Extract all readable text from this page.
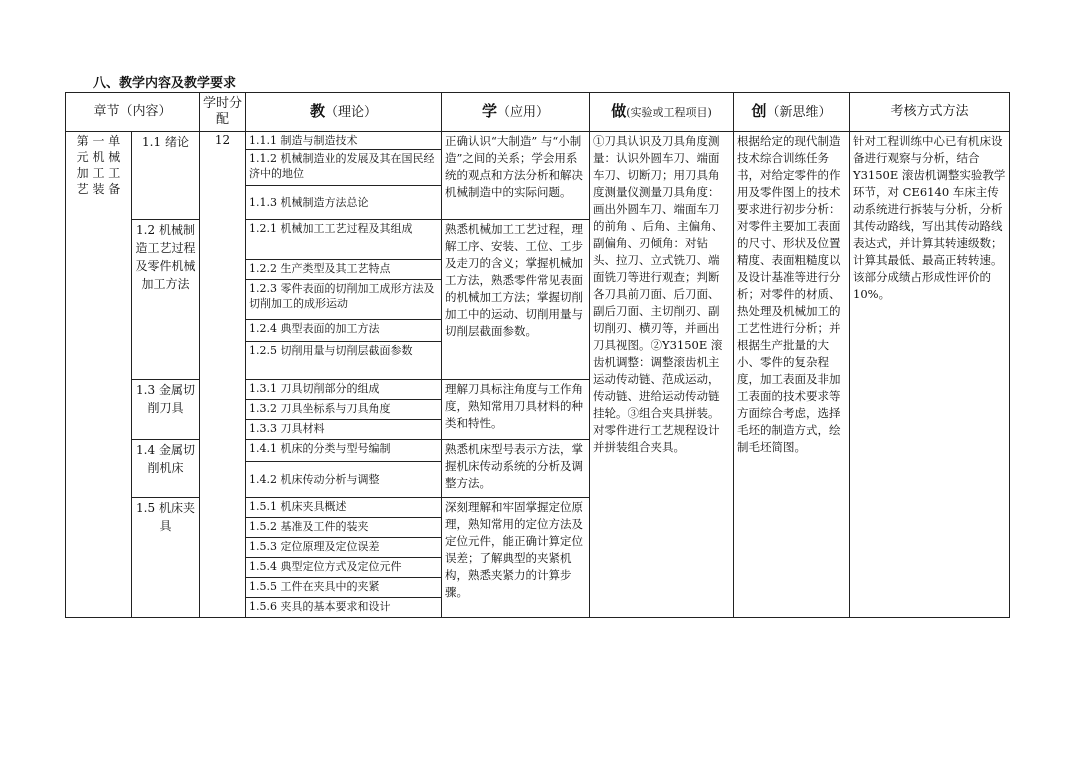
八、教学内容及教学要求
章节（内容）		学时分配	教（理论）	学（应用）	做(实验或工程项目)	创（新思维）	考核方式方法
第 一 单 元 机 械 加 工 工 艺 装 备	1.1 绪论	12	1.1.1 制造与制造技术	正确认识“大制造” 与“小制造”之间的关系；学会用系统的观点和方法分析和解决机械制造中的实际问题。	①刀具认识及刀具角度测量：认识外圆车刀、端面车刀、切断刀；用刀具角度测量仪测量刀具角度：画出外圆车刀、端面车刀的前角 、后角、主偏角、副偏角、刃倾角：对钻头、拉刀、立式铣刀、端面铣刀等进行观查；判断各刀具前刀面、后刀面、副后刀面、主切削刃、副切削刃、横刃等，并画出刀具视图。②Y3150E 滚齿机调整：调整滚齿机主运动传动链、范成运动，传动链、进给运动传动链挂轮。③组合夹具拼装。对零件进行工艺规程设计并拼装组合夹具。	根据给定的现代制造技术综合训练任务书，对给定零件的作用及零件图上的技术要求进行初步分析：对零件主要加工表面的尺寸、形状及位置精度、表面粗糙度以及设计基准等进行分析；对零件的材质、热处理及机械加工的工艺性进行分析；并根据生产批量的大小、零件的复杂程度，加工表面及非加工表面的技术要求等方面综合考虑，选择毛坯的制造方式，绘制毛坯简图。	针对工程训练中心已有机床设备进行观察与分析，结合 Y3150E 滚齿机调整实验教学环节，对 CE6140 车床主传动系统进行拆装与分析，分析其传动路线，写出其传动路线表达式，并计算其转速级数；计算其最低、最高正转转速。该部分成绩占形成性评价的 10%。
			1.1.2 机械制造业的发展及其在国民经济中的地位				
			1.1.3 机械制造方法总论				
	1.2 机械制造工艺过程及零件机械加工方法		1.2.1 机械加工工艺过程及其组成	熟悉机械加工工艺过程，理解工序、安装、工位、工步及走刀的含义；掌握机械加工方法，熟悉零件常见表面的机械加工方法；掌握切削加工中的运动、切削用量与切削层截面参数。			
			1.2.2 生产类型及其工艺特点				
			1.2.3 零件表面的切削加工成形方法及切削加工的成形运动				
			1.2.4 典型表面的加工方法				
			1.2.5 切削用量与切削层截面参数				
	1.3 金属切削刀具		1.3.1 刀具切削部分的组成	理解刀具标注角度与工作角度，熟知常用刀具材料的种类和特性。			
			1.3.2 刀具坐标系与刀具角度				
			1.3.3 刀具材料				
	1.4 金属切削机床		1.4.1 机床的分类与型号编制	熟悉机床型号表示方法，掌握机床传动系统的分析及调整方法。			
			1.4.2 机床传动分析与调整				
	1.5 机床夹具		1.5.1 机床夹具概述	深刻理解和牢固掌握定位原理，熟知常用的定位方法及定位元件，能正确计算定位误差；了解典型的夹紧机构，熟悉夹紧力的计算步骤。			
			1.5.2 基准及工件的装夹				
			1.5.3 定位原理及定位误差				
			1.5.4 典型定位方式及定位元件				
			1.5.5 工件在夹具中的夹紧				
			1.5.6 夹具的基本要求和设计				
